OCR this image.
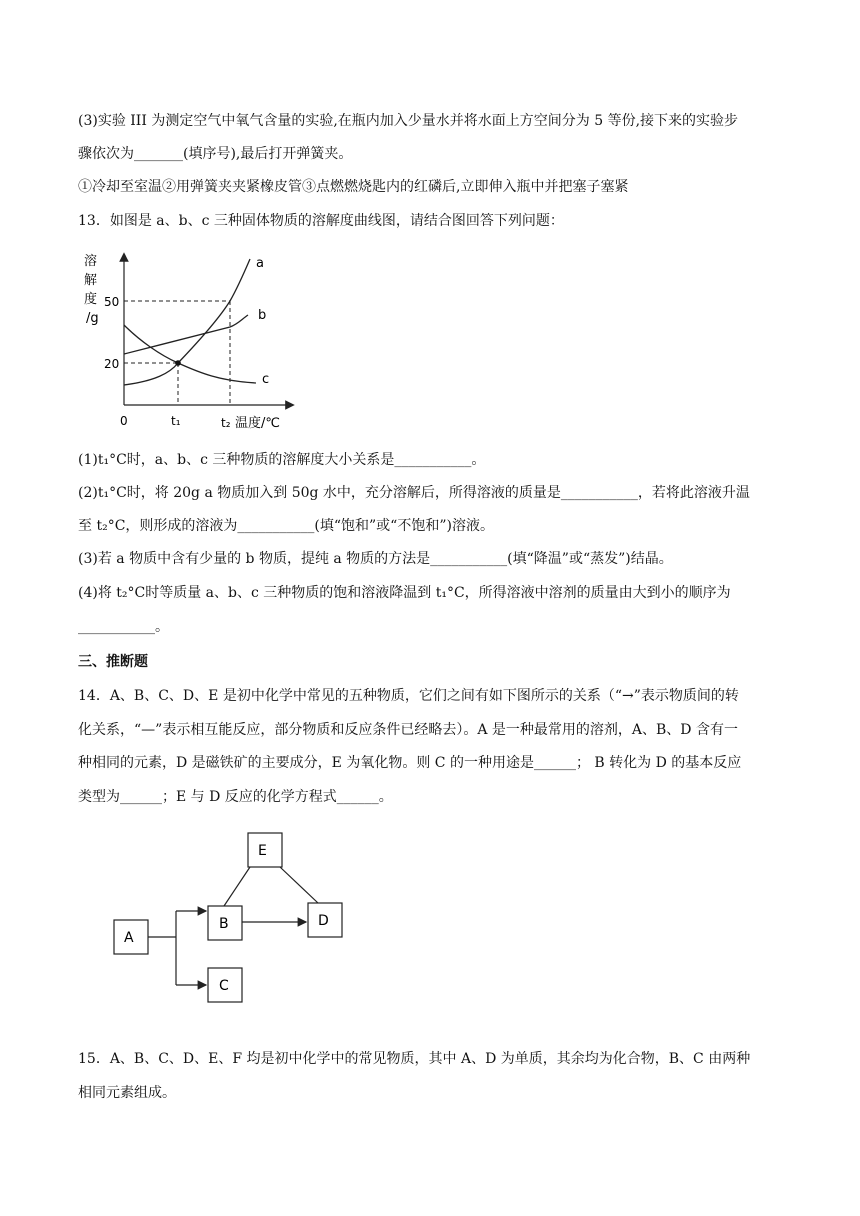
(3)实验 III 为测定空气中氧气含量的实验,在瓶内加入少量水并将水面上方空间分为 5 等份,接下来的实验步
骤依次为_______(填序号),最后打开弹簧夹。
①冷却至室温②用弹簧夹夹紧橡皮管③点燃燃烧匙内的红磷后,立即伸入瓶中并把塞子塞紧
13．如图是 a、b、c 三种固体物质的溶解度曲线图，请结合图回答下列问题：
溶
解
度
/g
a
b
c
50
20
0	t₁	t₂ 温度/℃
(1)t₁°C时，a、b、c 三种物质的溶解度大小关系是___________。
(2)t₁°C时，将 20g a 物质加入到 50g 水中，充分溶解后，所得溶液的质量是___________，若将此溶液升温
至 t₂°C，则形成的溶液为___________(填“饱和”或“不饱和”)溶液。
(3)若 a 物质中含有少量的 b 物质，提纯 a 物质的方法是___________(填“降温”或“蒸发”)结晶。
(4)将 t₂°C时等质量 a、b、c 三种物质的饱和溶液降温到 t₁°C，所得溶液中溶剂的质量由大到小的顺序为
___________。
三、推断题
14．A、B、C、D、E 是初中化学中常见的五种物质，它们之间有如下图所示的关系（“→”表示物质间的转
化关系，“—”表示相互能反应，部分物质和反应条件已经略去）。A 是一种最常用的溶剂，A、B、D 含有一
种相同的元素，D 是磁铁矿的主要成分，E 为氧化物。则 C 的一种用途是______； B 转化为 D 的基本反应
类型为______；E 与 D 反应的化学方程式______。
E
A
B	D
C
15．A、B、C、D、E、F 均是初中化学中的常见物质，其中 A、D 为单质，其余均为化合物，B、C 由两种
相同元素组成。
